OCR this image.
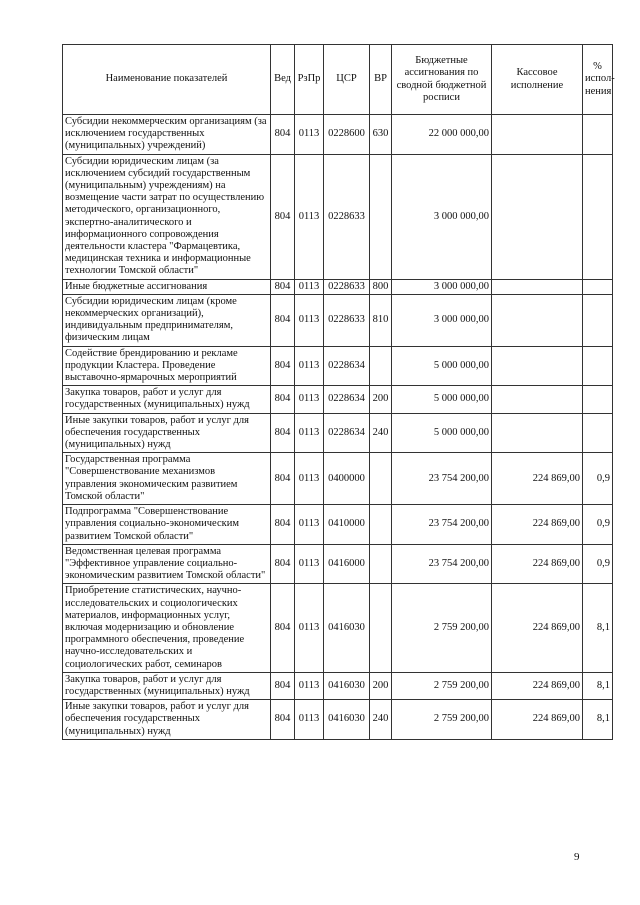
Наименование показателей	Вед	РзПр	ЦСР	ВР	Бюджетные ассигнования по сводной бюджетной росписи	Кассовое исполнение	% испол-нения
Субсидии некоммерческим организациям (за исключением государственных (муниципальных) учреждений)	804	0113	0228600	630	22 000 000,00		
Субсидии юридическим лицам (за исключением субсидий государственным (муниципальным) учреждениям) на возмещение части затрат по осуществлению методического, организационного, экспертно-аналитического и информационного сопровождения деятельности кластера "Фармацевтика, медицинская техника и информационные технологии Томской области"	804	0113	0228633		3 000 000,00		
Иные бюджетные ассигнования	804	0113	0228633	800	3 000 000,00		
Субсидии юридическим лицам (кроме некоммерческих организаций), индивидуальным предпринимателям, физическим лицам	804	0113	0228633	810	3 000 000,00		
Содействие брендированию и рекламе продукции Кластера. Проведение выставочно-ярмарочных мероприятий	804	0113	0228634		5 000 000,00		
Закупка товаров, работ и услуг для государственных (муниципальных) нужд	804	0113	0228634	200	5 000 000,00		
Иные закупки товаров, работ и услуг для обеспечения государственных (муниципальных) нужд	804	0113	0228634	240	5 000 000,00		
Государственная программа "Совершенствование механизмов управления экономическим развитием Томской области"	804	0113	0400000		23 754 200,00	224 869,00	0,9
Подпрограмма "Совершенствование управления социально-экономическим развитием Томской области"	804	0113	0410000		23 754 200,00	224 869,00	0,9
Ведомственная целевая программа "Эффективное управление социально-экономическим развитием Томской области"	804	0113	0416000		23 754 200,00	224 869,00	0,9
Приобретение статистических, научно-исследовательских и социологических материалов, информационных услуг, включая модернизацию и обновление программного обеспечения, проведение научно-исследовательских и социологических работ, семинаров	804	0113	0416030		2 759 200,00	224 869,00	8,1
Закупка товаров, работ и услуг для государственных (муниципальных) нужд	804	0113	0416030	200	2 759 200,00	224 869,00	8,1
Иные закупки товаров, работ и услуг для обеспечения государственных (муниципальных) нужд	804	0113	0416030	240	2 759 200,00	224 869,00	8,1
9
